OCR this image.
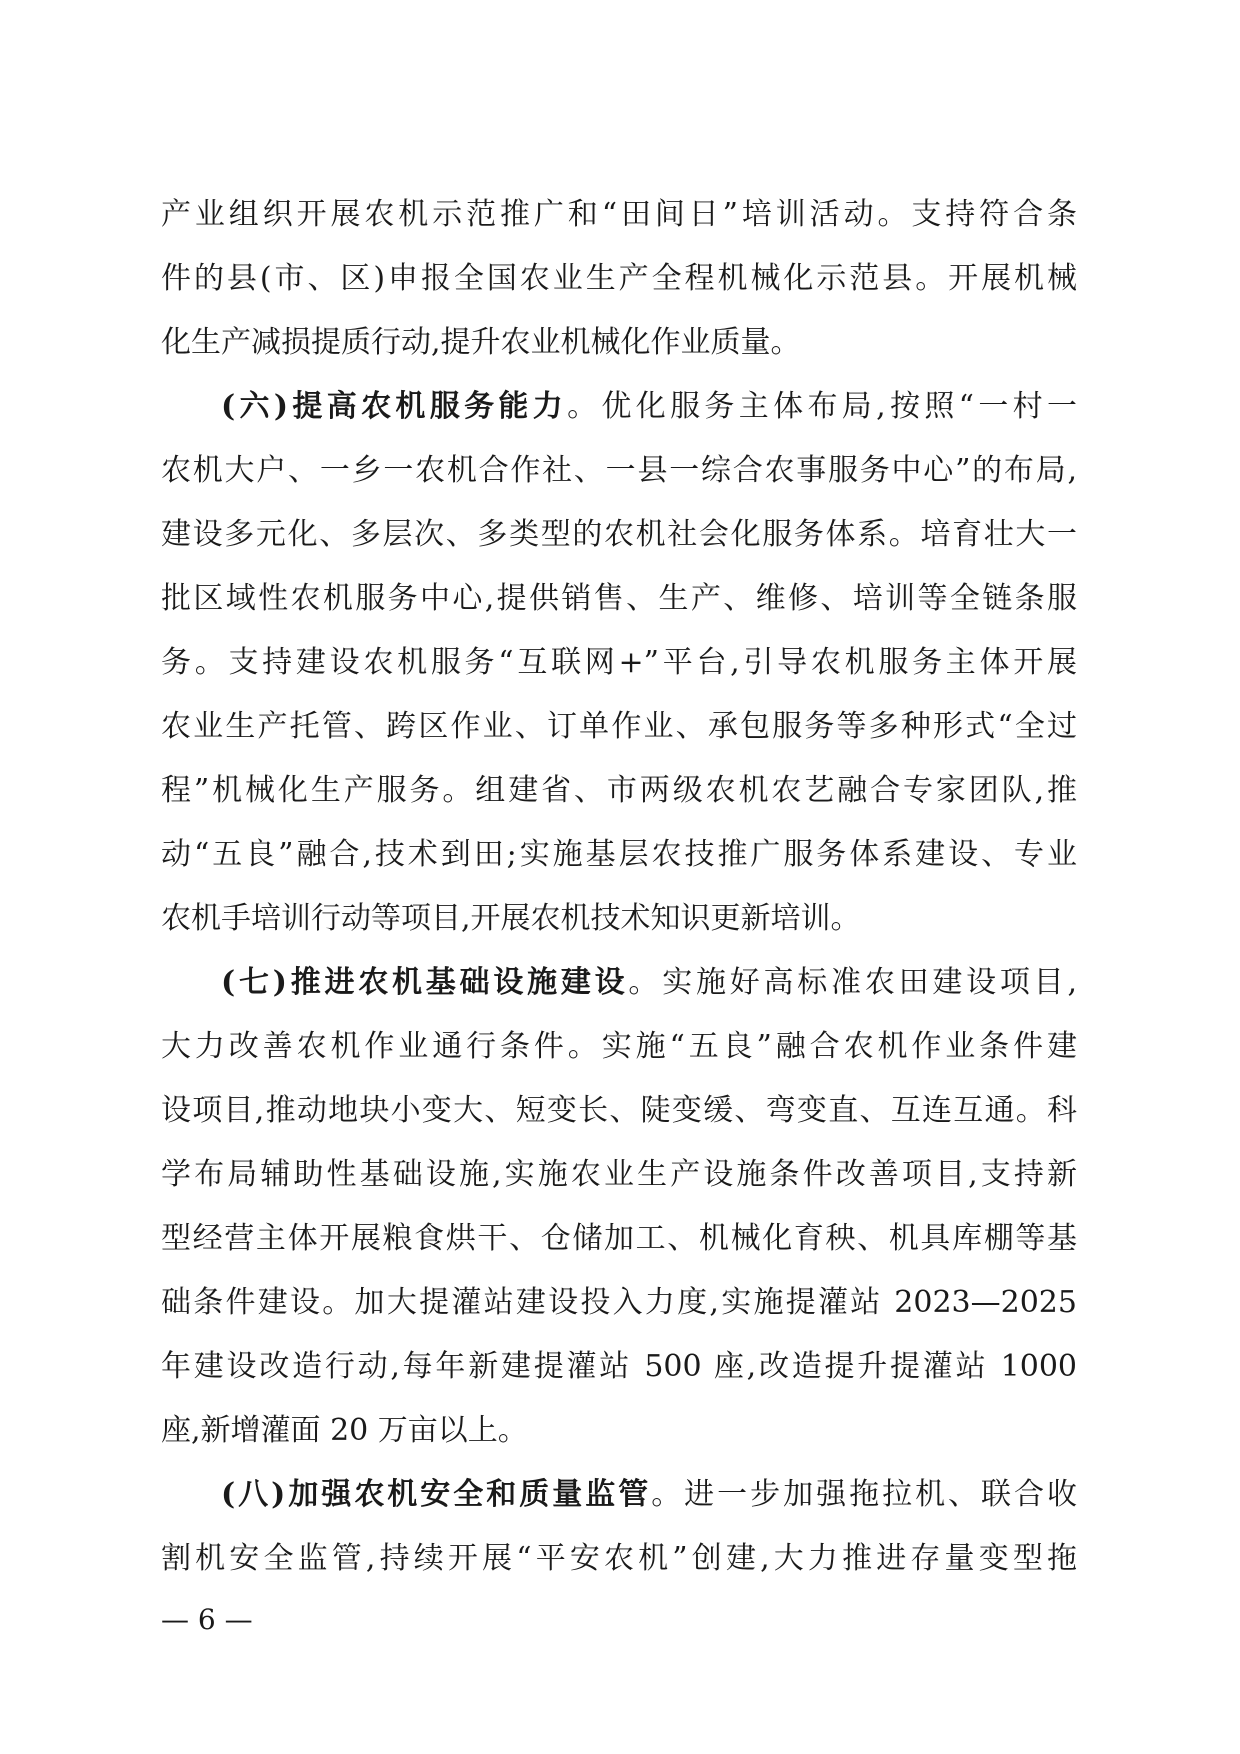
产业组织开展农机示范推广和“田间日”培训活动。支持符合条
件的县(市、区)申报全国农业生产全程机械化示范县。开展机械
化生产减损提质行动,提升农业机械化作业质量。
(六)提高农机服务能力。优化服务主体布局,按照“一村一
农机大户、一乡一农机合作社、一县一综合农事服务中心”的布局,
建设多元化、多层次、多类型的农机社会化服务体系。培育壮大一
批区域性农机服务中心,提供销售、生产、维修、培训等全链条服
务。支持建设农机服务“互联网+”平台,引导农机服务主体开展
农业生产托管、跨区作业、订单作业、承包服务等多种形式“全过
程”机械化生产服务。组建省、市两级农机农艺融合专家团队,推
动“五良”融合,技术到田;实施基层农技推广服务体系建设、专业
农机手培训行动等项目,开展农机技术知识更新培训。
(七)推进农机基础设施建设。实施好高标准农田建设项目,
大力改善农机作业通行条件。实施“五良”融合农机作业条件建
设项目,推动地块小变大、短变长、陡变缓、弯变直、互连互通。科
学布局辅助性基础设施,实施农业生产设施条件改善项目,支持新
型经营主体开展粮食烘干、仓储加工、机械化育秧、机具库棚等基
础条件建设。加大提灌站建设投入力度,实施提灌站 2023—2025
年建设改造行动,每年新建提灌站 500 座,改造提升提灌站 1000
座,新增灌面 20 万亩以上。
(八)加强农机安全和质量监管。进一步加强拖拉机、联合收
割机安全监管,持续开展“平安农机”创建,大力推进存量变型拖
— 6 —
